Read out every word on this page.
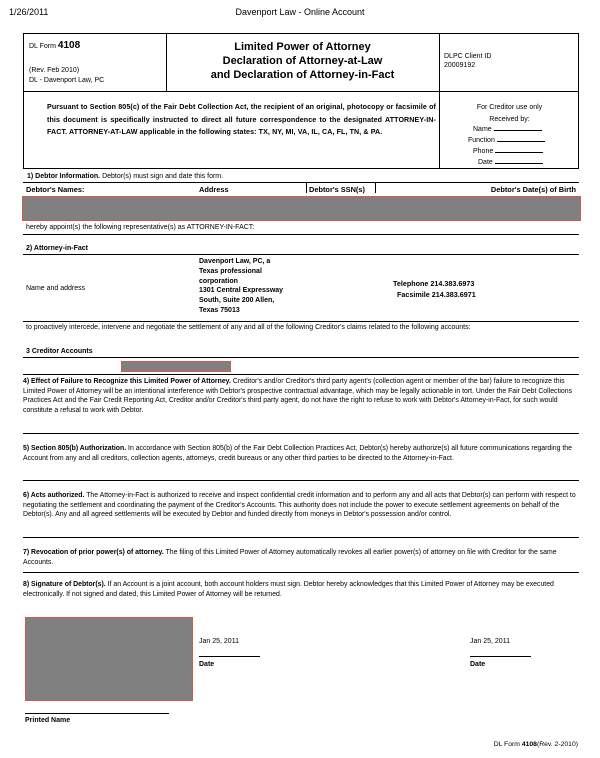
1/26/2011	Davenport Law - Online Account
DL Form 4108
(Rev. Feb 2010)
DL - Davenport Law, PC
Limited Power of Attorney
Declaration of Attorney-at-Law
and Declaration of Attorney-in-Fact
DLPC Client ID
20009192
Pursuant to Section 805(c) of the Fair Debt Collection Act, the recipient of an original, photocopy or facsimile of this document is specifically instructed to direct all future correspondence to the designated ATTORNEY-IN-FACT. ATTORNEY-AT-LAW applicable in the following states: TX, NY, MI, VA, IL, CA, FL, TN, & PA.
For Creditor use only
Received by:
Name
Function
Phone
Date
1) Debtor Information. Debtor(s) must sign and date this form.
Debtor's Names:	Address	Debtor's SSN(s)	Debtor's Date(s) of Birth
hereby appoint(s) the following representative(s) as ATTORNEY-IN-FACT:
2) Attorney-in-Fact
Name and address
Davenport Law, PC, a
Texas professional
corporation
1301 Central Expressway
South, Suite 200 Allen,
Texas 75013
Telephone 214.383.6973
Facsimile 214.383.6971
to proactively intercede, intervene and negotiate the settlement of any and all of the following Creditor's claims related to the following accounts:
3 Creditor Accounts
4) Effect of Failure to Recognize this Limited Power of Attorney. Creditor's and/or Creditor's third party agent's (collection agent or member of the bar) failure to recognize this Limited Power of Attorney will be an intentional interference with Debtor's prospective contractual advantage, which may be legally actionable in tort. Under the Fair Debt Collections Practices Act and the Fair Credit Reporting Act, Creditor and/or Creditor's third party agent, do not have the right to refuse to work with Debtor's Attorney-in-Fact, for such would constitute a refusal to work with Debtor.
5) Section 805(b) Authorization. In accordance with Section 805(b) of the Fair Debt Collection Practices Act, Debtor(s) hereby authorize(s) all future communications regarding the Account from any and all creditors, collection agents, attorneys, credit bureaus or any other third parties to be directed to the Attorney-in-Fact.
6) Acts authorized. The Attorney-in-Fact is authorized to receive and inspect confidential credit information and to perform any and all acts that Debtor(s) can perform with respect to negotiating the settlement and coordinating the payment of the Creditor's Accounts. This authority does not include the power to execute settlement agreements on behalf of the Debtor(s). Any and all agreed settlements will be executed by Debtor and funded directly from moneys in Debtor's possession and/or control.
7) Revocation of prior power(s) of attorney. The filing of this Limited Power of Attorney automatically revokes all earlier power(s) of attorney on file with Creditor for the same Accounts.
8) Signature of Debtor(s). If an Account is a joint account, both account holders must sign. Debtor hereby acknowledges that this Limited Power of Attorney may be executed electronically. If not signed and dated, this Limited Power of Attorney will be returned.
Jan 25, 2011
Date
Jan 25, 2011
Date
Printed Name
DL Form 4108(Rev. 2-2010)
